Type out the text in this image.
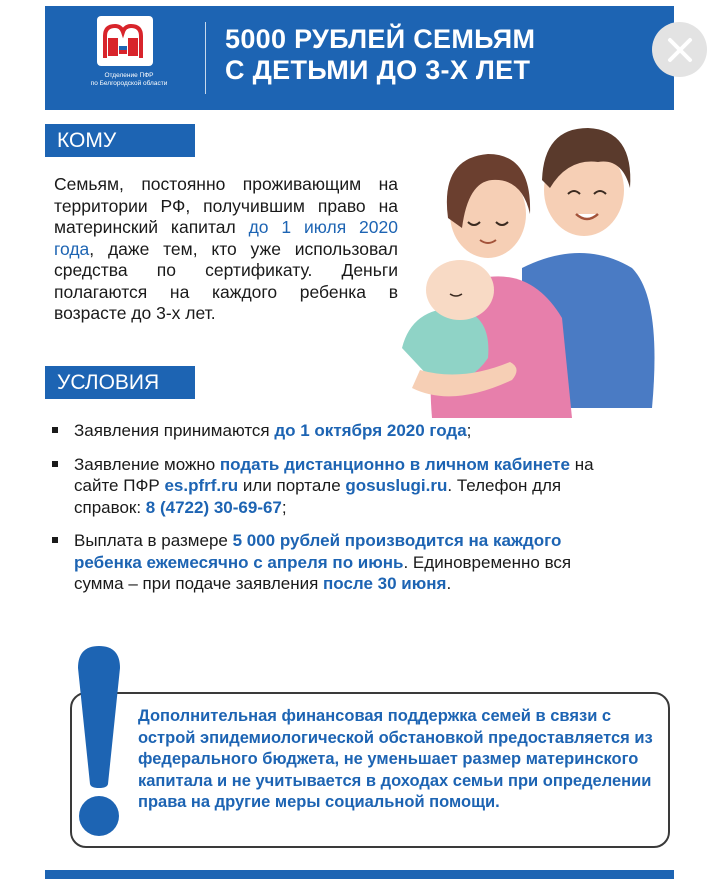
Отделение ПФР
по Белгородской области
5000 РУБЛЕЙ СЕМЬЯМ
С ДЕТЬМИ ДО 3-Х ЛЕТ
КОМУ
Семьям, постоянно проживающим на территории РФ, получившим право на материнский капитал до 1 июля 2020 года, даже тем, кто уже использовал средства по сертификату. Деньги полагаются на каждого ребенка в возрасте до 3-х лет.
УСЛОВИЯ
Заявления принимаются до 1 октября 2020 года;
Заявление можно подать дистанционно в личном кабинете на сайте ПФР es.pfrf.ru или портале gosuslugi.ru. Телефон для справок: 8 (4722) 30-69-67;
Выплата в размере 5 000 рублей производится на каждого ребенка ежемесячно с апреля по июнь. Единовременно вся сумма – при подаче заявления после 30 июня.
Дополнительная финансовая поддержка семей в связи с острой эпидемиологической обстановкой предоставляется из федерального бюджета, не уменьшает размер материнского капитала и не учитывается в доходах семьи при определении права на другие меры социальной помощи.
